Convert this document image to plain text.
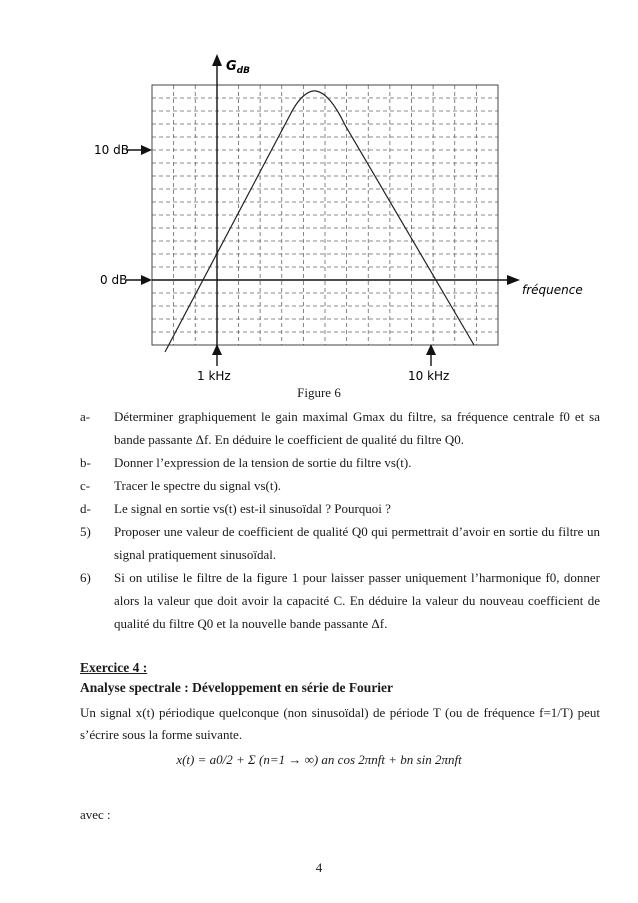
$G_{dB}$
10 dB
0 dB
fréquence
1 kHz	10 kHz
Figure 6
a- Déterminer graphiquement le gain maximal Gmax du filtre, sa fréquence centrale f0 et sa bande passante Δf. En déduire le coefficient de qualité du filtre Q0.
b- Donner l’expression de la tension de sortie du filtre vs(t).
c- Tracer le spectre du signal vs(t).
d- Le signal en sortie vs(t) est-il sinusoïdal ? Pourquoi ?
5) Proposer une valeur de coefficient de qualité Q0 qui permettrait d’avoir en sortie du filtre un signal pratiquement sinusoïdal.
6) Si on utilise le filtre de la figure 1 pour laisser passer uniquement l’harmonique f0, donner alors la valeur que doit avoir la capacité C. En déduire la valeur du nouveau coefficient de qualité du filtre Q0 et la nouvelle bande passante Δf.
Exercice 4 :
Analyse spectrale : Développement en série de Fourier
Un signal x(t) périodique quelconque (non sinusoïdal) de période T (ou de fréquence f=1/T) peut s’écrire sous la forme suivante.
x(t) = a0/2 + Σ (n=1 → ∞) an cos 2πnft + bn sin 2πnft
avec :
4
